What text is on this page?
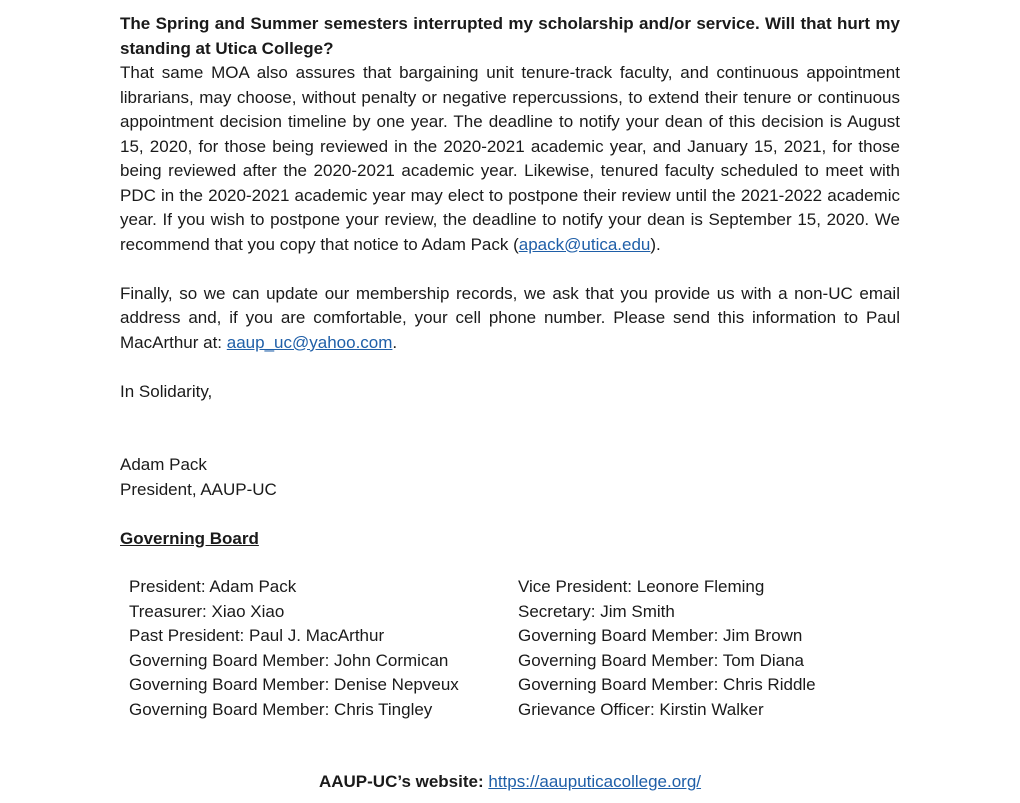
The Spring and Summer semesters interrupted my scholarship and/or service. Will that hurt my standing at Utica College?

That same MOA also assures that bargaining unit tenure-track faculty, and continuous appointment librarians, may choose, without penalty or negative repercussions, to extend their tenure or continuous appointment decision timeline by one year. The deadline to notify your dean of this decision is August 15, 2020, for those being reviewed in the 2020-2021 academic year, and January 15, 2021, for those being reviewed after the 2020-2021 academic year. Likewise, tenured faculty scheduled to meet with PDC in the 2020-2021 academic year may elect to postpone their review until the 2021-2022 academic year. If you wish to postpone your review, the deadline to notify your dean is September 15, 2020. We recommend that you copy that notice to Adam Pack (apack@utica.edu).

Finally, so we can update our membership records, we ask that you provide us with a non-UC email address and, if you are comfortable, your cell phone number. Please send this information to Paul MacArthur at: aaup_uc@yahoo.com.

In Solidarity,

Adam Pack
President, AAUP-UC
Governing Board
President: Adam Pack	Vice President: Leonore Fleming
Treasurer: Xiao Xiao	Secretary: Jim Smith
Past President: Paul J. MacArthur	Governing Board Member: Jim Brown
Governing Board Member: John Cormican	Governing Board Member: Tom Diana
Governing Board Member: Denise Nepveux	Governing Board Member: Chris Riddle
Governing Board Member: Chris Tingley	Grievance Officer: Kirstin Walker
AAUP-UC’s website: https://aauputicacollege.org/
